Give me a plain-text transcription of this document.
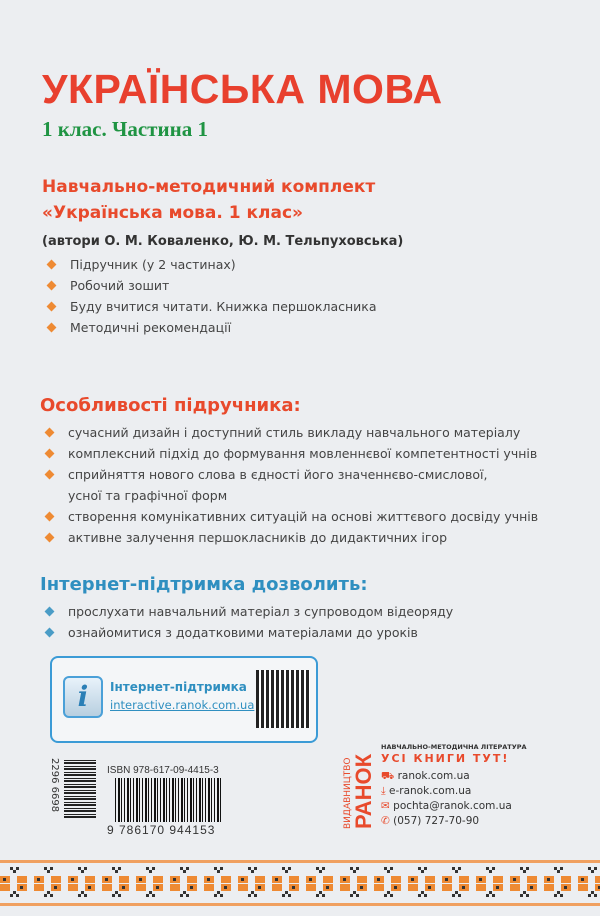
УКРАЇНСЬКА МОВА
1 клас. Частина 1
Навчально-методичний комплект
«Українська мова. 1 клас»
(автори О. М. Коваленко, Ю. М. Тельпуховська)
Підручник (у 2 частинах)
Робочий зошит
Буду вчитися читати. Книжка першокласника
Методичні рекомендації
Особливості підручника:
сучасний дизайн і доступний стиль викладу навчального матеріалу
комплексний підхід до формування мовленнєвої компетентності учнів
сприйняття нового слова в єдності його значеннєво-смислової, усної та графічної форм
створення комунікативних ситуацій на основі життєвого досвіду учнів
активне залучення першокласників до дидактичних ігор
Інтернет-підтримка дозволить:
прослухати навчальний матеріал з супроводом відеоряду
ознайомитися з додатковими матеріалами до уроків
i	Інтернет-підтримка
interactive.ranok.com.ua
2296 6698	ISBN 978-617-09-4415-3
9 786170 944153
ВИДАВНИЦТВО
РАНОК
НАВЧАЛЬНО-МЕТОДИЧНА ЛІТЕРАТУРА
УСІ КНИГИ ТУТ!
⛟ ranok.com.ua
⤓ e-ranok.com.ua
✉ pochta@ranok.com.ua
✆ (057) 727-70-90
